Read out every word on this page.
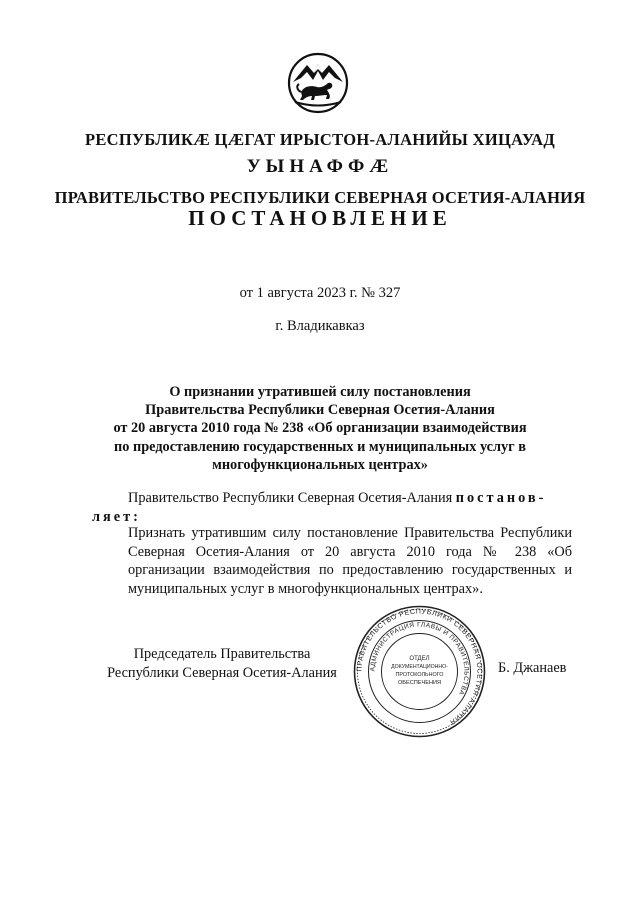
РЕСПУБЛИКӔ ЦӔГАТ ИРЫСТОН-АЛАНИЙЫ ХИЦАУАД
УЫНАФФӔ
ПРАВИТЕЛЬСТВО РЕСПУБЛИКИ СЕВЕРНАЯ ОСЕТИЯ-АЛАНИЯ
ПОСТАНОВЛЕНИЕ
от 1 августа 2023 г. № 327
г. Владикавказ
О признании утратившей силу постановления
Правительства Республики Северная Осетия-Алания
от 20 августа 2010 года № 238 «Об организации взаимодействия
по предоставлению государственных и муниципальных услуг в
многофункциональных центрах»
Правительство Республики Северная Осетия-Алания постанов-
ляет:
Признать утратившим силу постановление Правительства Республики Северная Осетия-Алания от 20 августа 2010 года № 238 «Об организации взаимодействия по предоставлению государственных и муниципальных услуг в многофункциональных центрах».
Председатель Правительства
Республики Северная Осетия-Алания	ПРАВИТЕЛЬСТВО РЕСПУБЛИКИ СЕВЕРНАЯ ОСЕТИЯ-АЛАНИЯ
АДМИНИСТРАЦИЯ ГЛАВЫ И ПРАВИТЕЛЬСТВА
ОТДЕЛ
ДОКУМЕНТАЦИОННО-
ПРОТОКОЛЬНОГО
ОБЕСПЕЧЕНИЯ
Б. Джанаев
